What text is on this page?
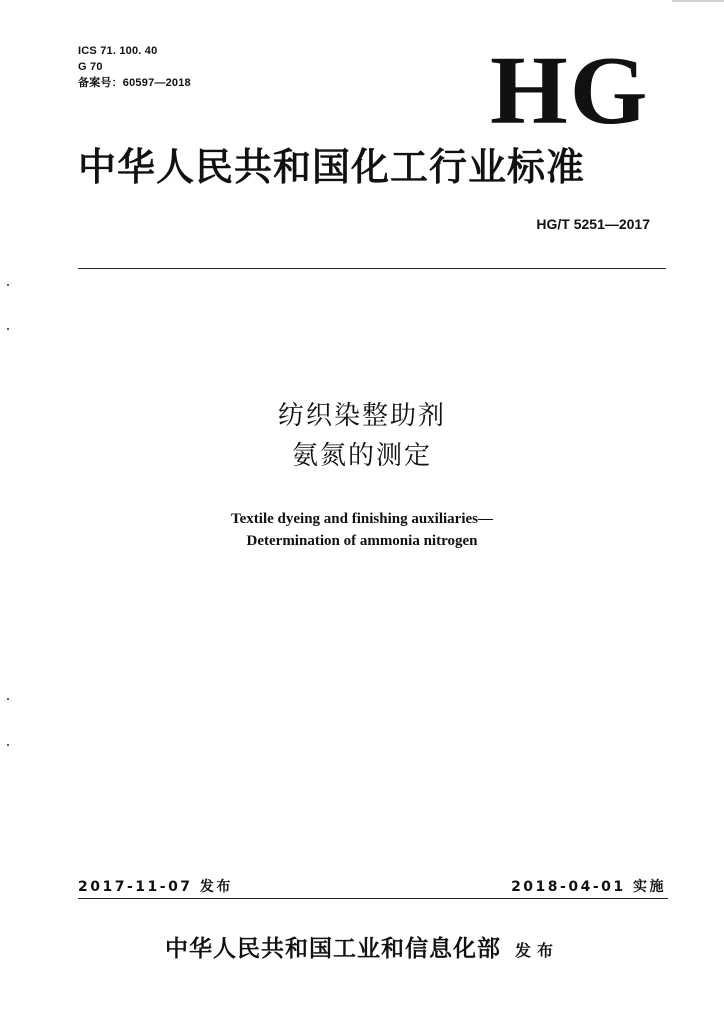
ICS 71. 100. 40
G 70
备案号：60597—2018	HG
中华人民共和国化工行业标准
HG/T 5251—2017
纺织染整助剂
氨氮的测定
Textile dyeing and finishing auxiliaries—
Determination of ammonia nitrogen
2017-11-07 发布	2018-04-01 实施
中华人民共和国工业和信息化部 发布
